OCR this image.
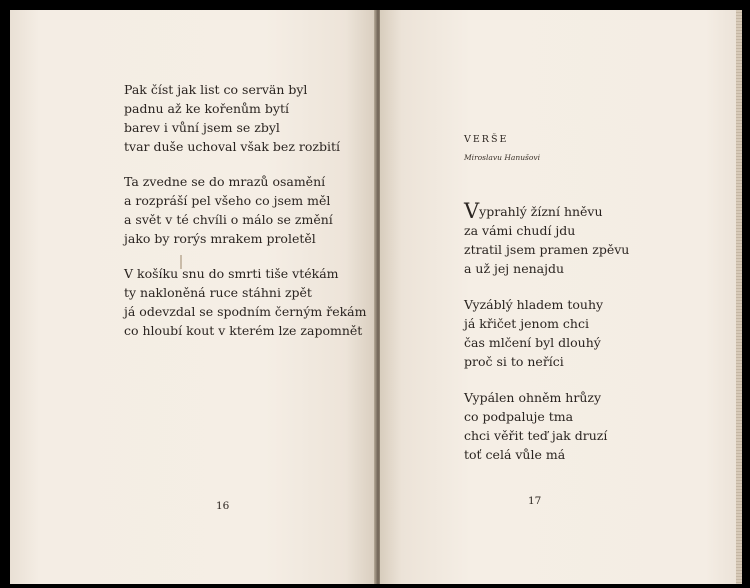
Pak číst jak list co servän byl
padnu až ke kořenům bytí
barev i vůní jsem se zbyl
tvar duše uchoval však bez rozbití
Ta zvedne se do mrazů osamění
a rozpráší pel všeho co jsem měl
a svět v té chvíli o málo se změní
jako by rorýs mrakem proletěl
V košíku snu do smrti tiše vtékám
ty nakloněná ruce stáhni zpět
já odevzdal se spodním černým řekám
co hloubí kout v kterém lze zapomnět
16
VERŠE
Miroslavu Hanušovi
Vyprahlý žízní hněvu
za vámi chudí jdu
ztratil jsem pramen zpěvu
a už jej nenajdu
Vyzáblý hladem touhy
já křičet jenom chci
čas mlčení byl dlouhý
proč si to neříci
Vypálen ohněm hrůzy
co podpaluje tma
chci věřit teď jak druzí
toť celá vůle má
17
